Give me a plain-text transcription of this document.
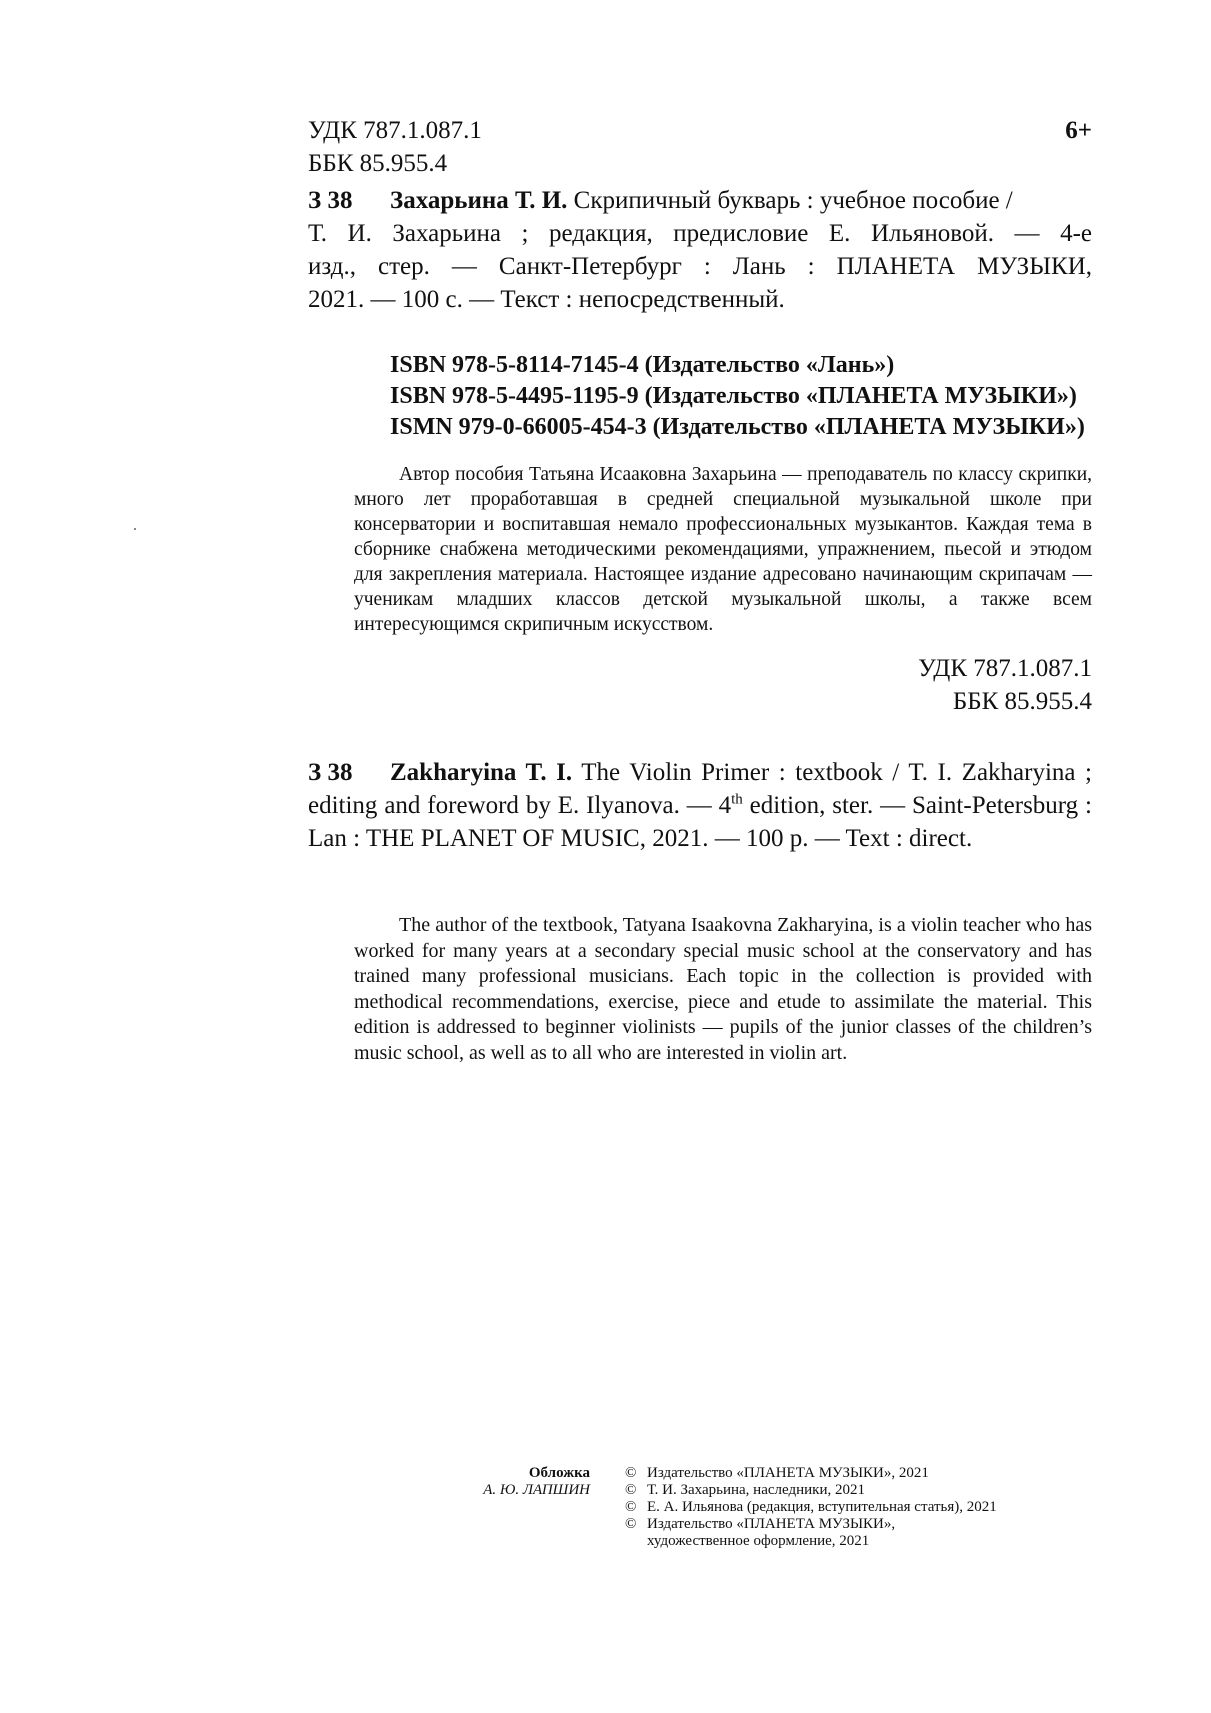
УДК 787.1.087.1
ББК 85.955.4
6+
З 38 Захарьина Т. И. Скрипичный букварь : учебное пособие /
Т. И. Захарьина ; редакция, предисловие Е. Ильяновой. — 4-е
изд., стер. — Санкт-Петербург : Лань : ПЛАНЕТА МУЗЫКИ,
2021. — 100 с. — Текст : непосредственный.
ISBN 978-5-8114-7145-4 (Издательство «Лань»)
ISBN 978-5-4495-1195-9 (Издательство «ПЛАНЕТА МУЗЫКИ»)
ISMN 979-0-66005-454-3 (Издательство «ПЛАНЕТА МУЗЫКИ»)

Автор пособия Татьяна Исааковна Захарьина — преподаватель по классу скрипки, много лет проработавшая в средней специальной музыкальной школе при консерватории и воспитавшая немало профессиональных музыкантов. Каждая тема в сборнике снабжена методическими рекомендациями, упражнением, пьесой и этюдом для закрепления материала. Настоящее издание адресовано начинающим скрипачам — ученикам младших классов детской музыкальной школы, а также всем интересующимся скрипичным искусством.

УДК 787.1.087.1
ББК 85.955.4
З 38	Zakharyina T. I. The Violin Primer : textbook / T. I. Zakharyina ; editing and foreword by E. Ilyanova. — 4th edition, ster. — Saint-Petersburg : Lan : THE PLANET OF MUSIC, 2021. — 100 p. — Text : direct.

The author of the textbook, Tatyana Isaakovna Zakharyina, is a violin teacher who has worked for many years at a secondary special music school at the conservatory and has trained many professional musicians. Each topic in the collection is provided with methodical recommendations, exercise, piece and etude to assimilate the material. This edition is addressed to beginner violinists — pupils of the junior classes of the children’s music school, as well as to all who are interested in violin art.

Обложка
А. Ю. ЛАПШИН
© Издательство «ПЛАНЕТА МУЗЫКИ», 2021
© Т. И. Захарьина, наследники, 2021
© Е. А. Ильянова (редакция, вступительная статья), 2021
© Издательство «ПЛАНЕТА МУЗЫКИ»,
художественное оформление, 2021
